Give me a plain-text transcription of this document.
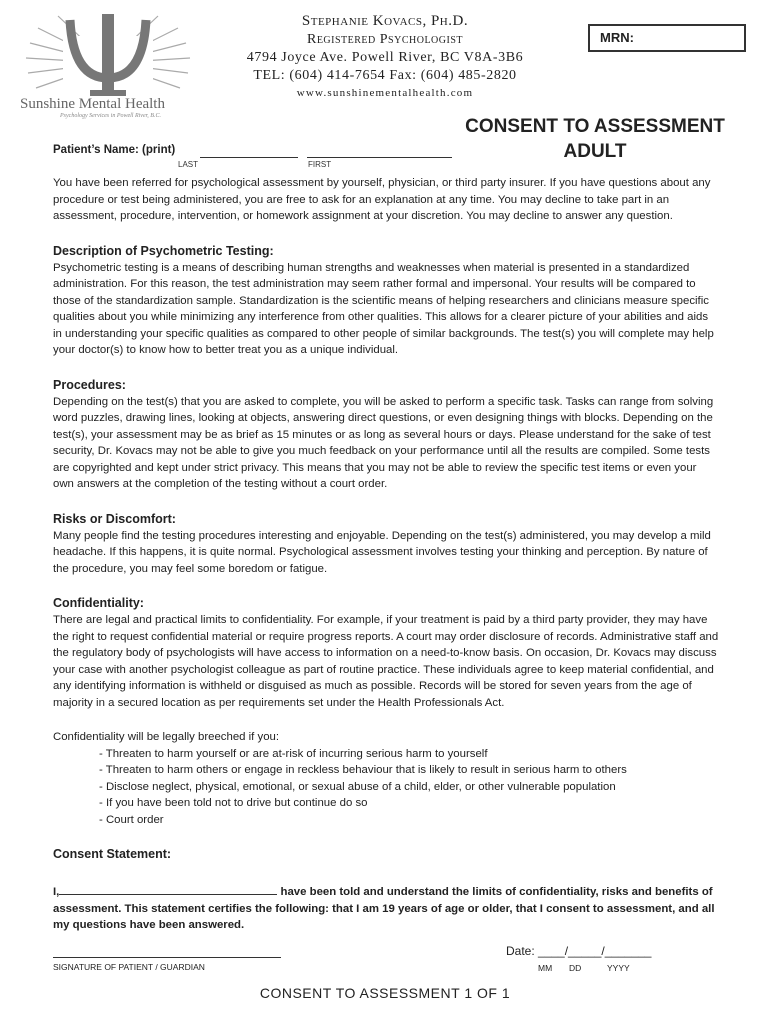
Sunshine Mental Health
Psychology Services in Powell River, B.C.
Stephanie Kovacs, Ph.D.
Registered Psychologist
4794 Joyce Ave. Powell River, BC V8A-3B6
TEL: (604) 414-7654 Fax: (604) 485-2820
www.sunshinementalhealth.com
MRN:
CONSENT TO ASSESSMENT
ADULT
Patient’s Name: (print)
LAST	FIRST

You have been referred for psychological assessment by yourself, physician, or third party insurer. If you have questions about any procedure or test being administered, you are free to ask for an explanation at any time. You may decline to take part in an assessment, procedure, intervention, or homework assignment at your discretion. You may decline to answer any question.

Description of Psychometric Testing:

Psychometric testing is a means of describing human strengths and weaknesses when material is presented in a standardized administration. For this reason, the test administration may seem rather formal and impersonal. Your results will be compared to those of the standardization sample. Standardization is the scientific means of helping researchers and clinicians measure specific qualities about you while minimizing any interference from other qualities. This allows for a clearer picture of your abilities and aids in understanding your specific qualities as compared to other people of similar backgrounds. The test(s) you will complete may help your doctor(s) to know how to better treat you as a unique individual.

Procedures:

Depending on the test(s) that you are asked to complete, you will be asked to perform a specific task. Tasks can range from solving word puzzles, drawing lines, looking at objects, answering direct questions, or even designing things with blocks. Depending on the test(s), your assessment may be as brief as 15 minutes or as long as several hours or days. Please understand for the sake of test security, Dr. Kovacs may not be able to give you much feedback on your performance until all the results are compiled. Some tests are copyrighted and kept under strict privacy. This means that you may not be able to review the specific test items or even your own answers at the completion of the testing without a court order.

Risks or Discomfort:

Many people find the testing procedures interesting and enjoyable. Depending on the test(s) administered, you may develop a mild headache. If this happens, it is quite normal. Psychological assessment involves testing your thinking and perception. By nature of the procedure, you may feel some boredom or fatigue.

Confidentiality:

There are legal and practical limits to confidentiality. For example, if your treatment is paid by a third party provider, they may have the right to request confidential material or require progress reports. A court may order disclosure of records. Administrative staff and the regulatory body of psychologists will have access to information on a need-to-know basis. On occasion, Dr. Kovacs may discuss your case with another psychologist colleague as part of routine practice. These individuals agree to keep material confidential, and any identifying information is withheld or disguised as much as possible. Records will be stored for seven years from the age of majority in a secured location as per requirements set under the Health Professionals Act.

Confidentiality will be legally breeched if you:

- Threaten to harm yourself or are at-risk of incurring serious harm to yourself
- Threaten to harm others or engage in reckless behaviour that is likely to result in serious harm to others
- Disclose neglect, physical, emotional, or sexual abuse of a child, elder, or other vulnerable population
- If you have been told not to drive but continue do so
- Court order
Consent Statement:

I,	have been told and understand the limits of confidentiality, risks and benefits of assessment. This statement certifies the following: that I am 19 years of age or older, that I consent to assessment, and all my questions have been answered.

SIGNATURE OF PATIENT / GUARDIAN
Date: ____/_____/_______
MM DD	YYYY
CONSENT TO ASSESSMENT 1 OF 1
